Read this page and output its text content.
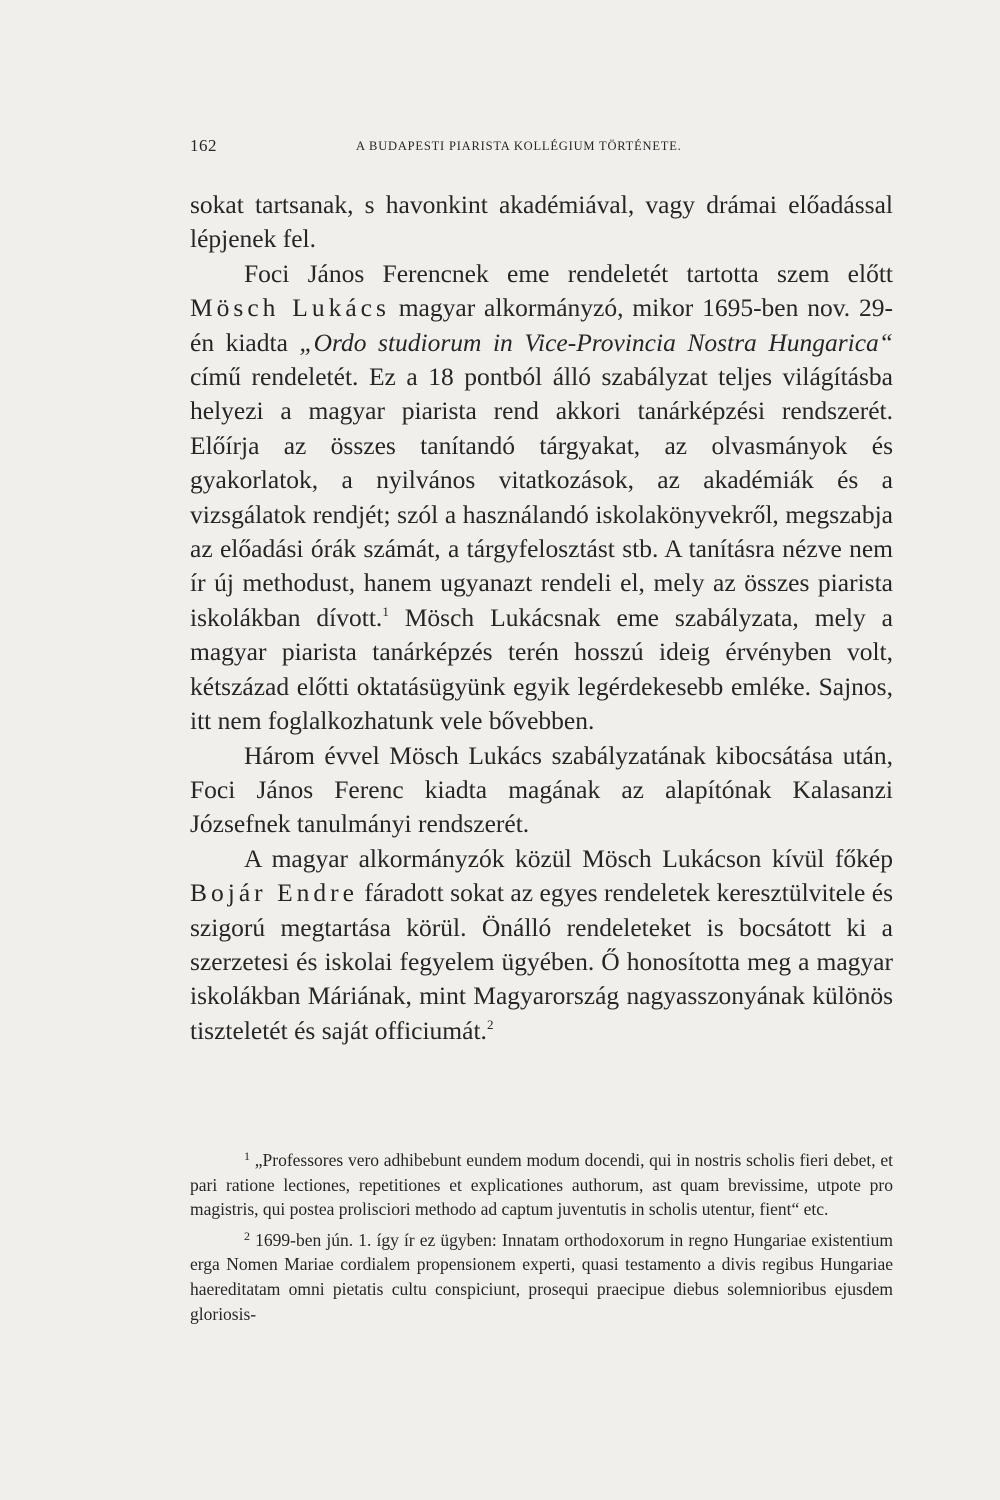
162	A BUDAPESTI PIARISTA KOLLÉGIUM TÖRTÉNETE.

sokat tartsanak, s havonkint akadémiával, vagy drámai előadással lépjenek fel.

Foci János Ferencnek eme rendeletét tartotta szem előtt Mösch Lukács magyar alkormányzó, mikor 1695-ben nov. 29-én kiadta „Ordo studiorum in Vice-Provincia Nostra Hungarica“ című rendeletét. Ez a 18 pontból álló szabályzat teljes világításba helyezi a magyar piarista rend akkori tanárképzési rendszerét. Előírja az összes tanítandó tárgyakat, az olvasmányok és gyakorlatok, a nyilvános vitatkozások, az akadémiák és a vizsgálatok rendjét; szól a használandó iskolakönyvekről, megszabja az előadási órák számát, a tárgyfelosztást stb. A tanításra nézve nem ír új methodust, hanem ugyanazt rendeli el, mely az összes piarista iskolákban dívott.$^1$ Mösch Lukácsnak eme szabályzata, mely a magyar piarista tanárképzés terén hosszú ideig érvényben volt, kétszázad előtti oktatásügyünk egyik legérdekesebb emléke. Sajnos, itt nem foglalkozhatunk vele bővebben.

Három évvel Mösch Lukács szabályzatának kibocsátása után, Foci János Ferenc kiadta magának az alapítónak Kalasanzi Józsefnek tanulmányi rendszerét.

A magyar alkormányzók közül Mösch Lukácson kívül főkép Bojár Endre fáradott sokat az egyes rendeletek keresztülvitele és szigorú megtartása körül. Önálló rendeleteket is bocsátott ki a szerzetesi és iskolai fegyelem ügyében. Ő honosította meg a magyar iskolákban Máriának, mint Magyarország nagyasszonyának különös tiszteletét és saját officiumát.$^2$

$^1$ „Professores vero adhibebunt eundem modum docendi, qui in nostris scholis fieri debet, et pari ratione lectiones, repetitiones et explicationes authorum, ast quam brevissime, utpote pro magistris, qui postea prolisciori methodo ad captum juventutis in scholis utentur, fient“ etc.

$^2$ 1699-ben jún. 1. így ír ez ügyben: Innatam orthodoxorum in regno Hungariae existentium erga Nomen Mariae cordialem propensionem experti, quasi testamento a divis regibus Hungariae haereditatam omni pietatis cultu conspiciunt, prosequi praecipue diebus solemnioribus ejusdem gloriosis-
